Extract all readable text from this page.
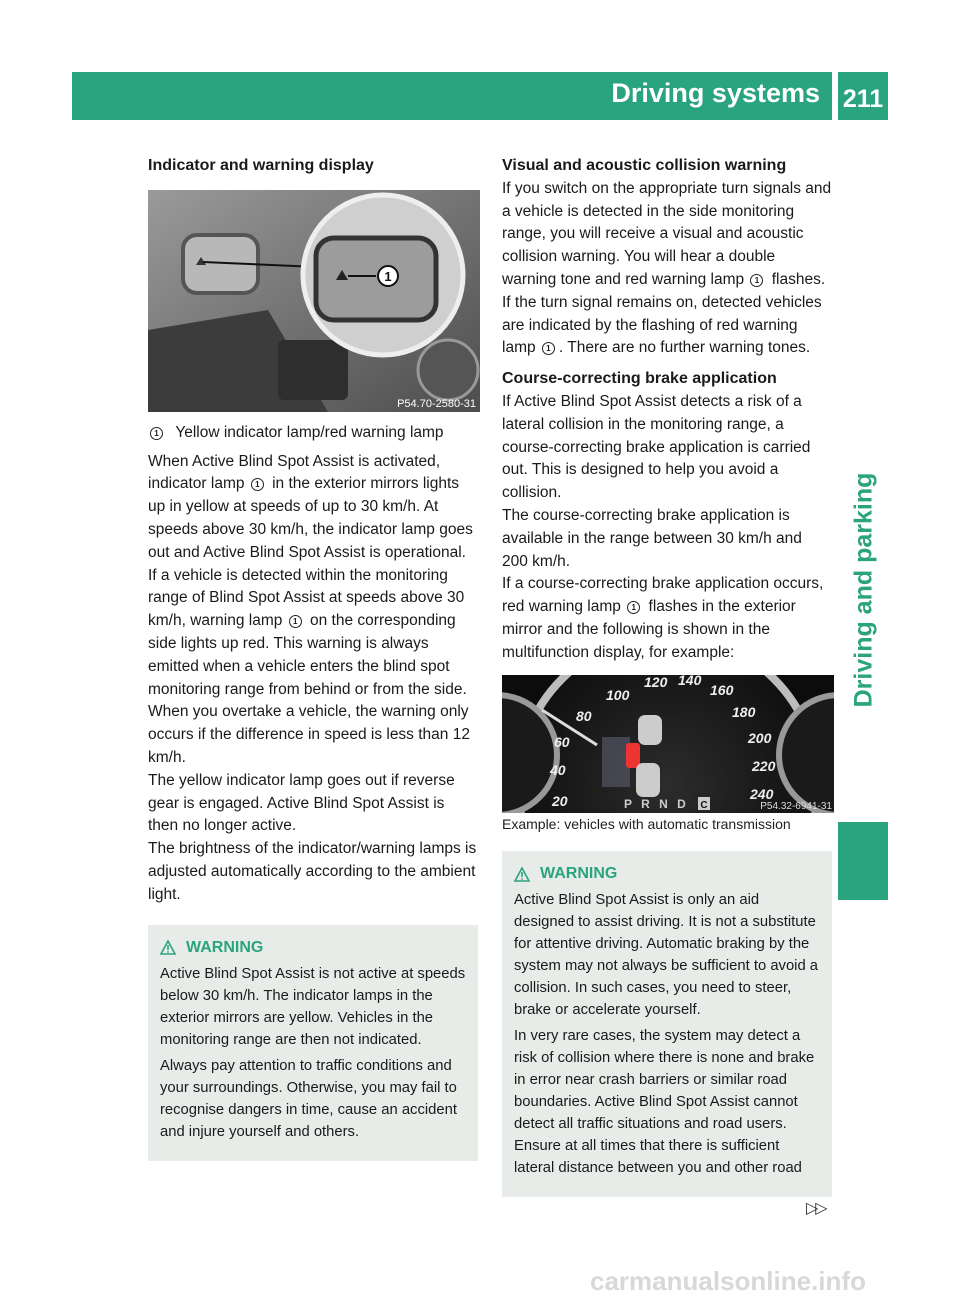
Driving systems 211
Driving and parking

Indicator and warning display

1
P54.70-2580-31

1 Yellow indicator lamp/red warning lamp

When Active Blind Spot Assist is activated, indicator lamp 1 in the exterior mirrors lights up in yellow at speeds of up to 30 km/h. At speeds above 30 km/h, the indicator lamp goes out and Active Blind Spot Assist is operational.

If a vehicle is detected within the monitoring range of Blind Spot Assist at speeds above 30 km/h, warning lamp 1 on the corresponding side lights up red. This warning is always emitted when a vehicle enters the blind spot monitoring range from behind or from the side. When you overtake a vehicle, the warning only occurs if the difference in speed is less than 12 km/h.

The yellow indicator lamp goes out if reverse gear is engaged. Active Blind Spot Assist is then no longer active.

The brightness of the indicator/warning lamps is adjusted automatically according to the ambient light.

WARNING

Active Blind Spot Assist is not active at speeds below 30 km/h. The indicator lamps in the exterior mirrors are yellow. Vehicles in the monitoring range are then not indicated.

Always pay attention to traffic conditions and your surroundings. Otherwise, you may fail to recognise dangers in time, cause an accident and injure yourself and others.

Visual and acoustic collision warning

If you switch on the appropriate turn signals and a vehicle is detected in the side monitoring range, you will receive a visual and acoustic collision warning. You will hear a double warning tone and red warning lamp 1 flashes. If the turn signal remains on, detected vehicles are indicated by the flashing of red warning lamp 1 . There are no further warning tones.

Course-correcting brake application

If Active Blind Spot Assist detects a risk of a lateral collision in the monitoring range, a course-correcting brake application is carried out. This is designed to help you avoid a collision.

The course-correcting brake application is available in the range between 30 km/h and 200 km/h.

If a course-correcting brake application occurs, red warning lamp 1 flashes in the exterior mirror and the following is shown in the multifunction display, for example:

20
40
60
80
100
120 140
160
180
200
220
240
P R N D C	P54.32-6941-31

Example: vehicles with automatic transmission

WARNING

Active Blind Spot Assist is only an aid designed to assist driving. It is not a substitute for attentive driving. Automatic braking by the system may not always be sufficient to avoid a collision. In such cases, you need to steer, brake or accelerate yourself.

In very rare cases, the system may detect a risk of collision where there is none and brake in error near crash barriers or similar road boundaries. Active Blind Spot Assist cannot detect all traffic situations and road users. Ensure at all times that there is sufficient lateral distance between you and other road

▷▷
carmanualsonline.info
